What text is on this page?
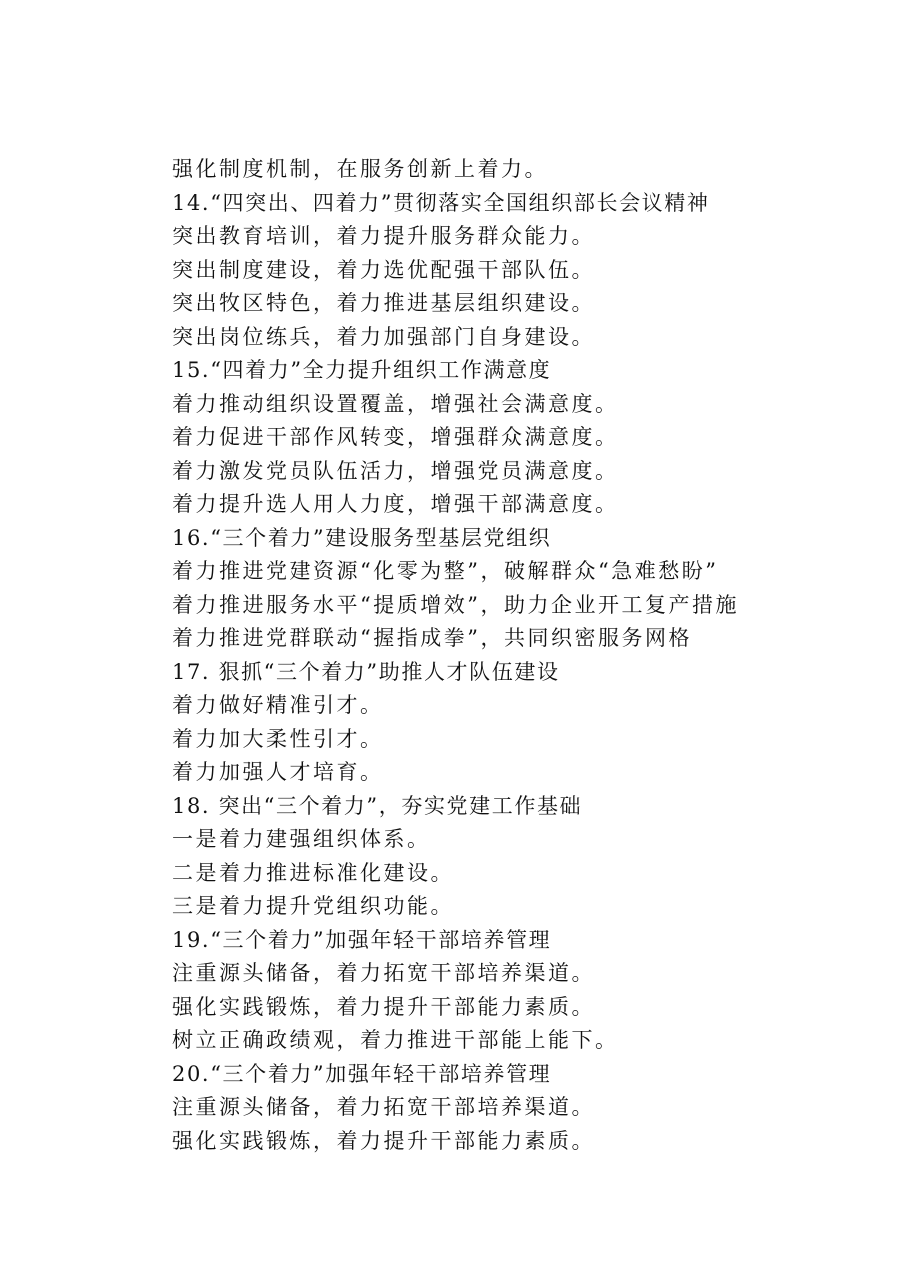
强化制度机制，在服务创新上着力。
14.“四突出、四着力”贯彻落实全国组织部长会议精神
突出教育培训，着力提升服务群众能力。
突出制度建设，着力选优配强干部队伍。
突出牧区特色，着力推进基层组织建设。
突出岗位练兵，着力加强部门自身建设。
15.“四着力”全力提升组织工作满意度
着力推动组织设置覆盖，增强社会满意度。
着力促进干部作风转变，增强群众满意度。
着力激发党员队伍活力，增强党员满意度。
着力提升选人用人力度，增强干部满意度。
16.“三个着力”建设服务型基层党组织
着力推进党建资源“化零为整”，破解群众“急难愁盼”
着力推进服务水平“提质增效”，助力企业开工复产措施
着力推进党群联动“握指成拳”，共同织密服务网格
17. 狠抓“三个着力”助推人才队伍建设
着力做好精准引才。
着力加大柔性引才。
着力加强人才培育。
18. 突出“三个着力”，夯实党建工作基础
一是着力建强组织体系。
二是着力推进标准化建设。
三是着力提升党组织功能。
19.“三个着力”加强年轻干部培养管理
注重源头储备，着力拓宽干部培养渠道。
强化实践锻炼，着力提升干部能力素质。
树立正确政绩观，着力推进干部能上能下。
20.“三个着力”加强年轻干部培养管理
注重源头储备，着力拓宽干部培养渠道。
强化实践锻炼，着力提升干部能力素质。
